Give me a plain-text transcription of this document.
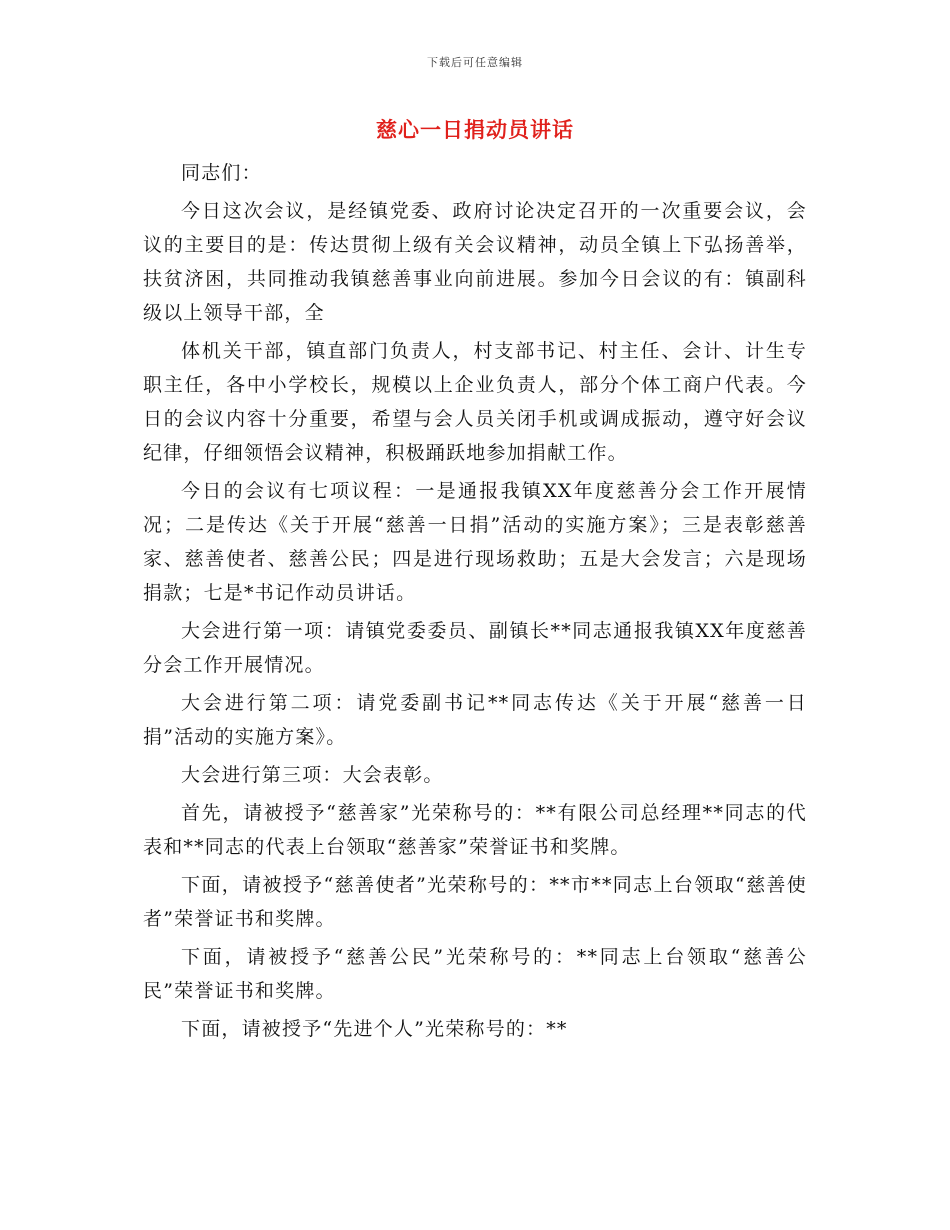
下载后可任意编辑
慈心一日捐动员讲话

同志们：

今日这次会议，是经镇党委、政府讨论决定召开的一次重要会议，会议的主要目的是：传达贯彻上级有关会议精神，动员全镇上下弘扬善举，扶贫济困，共同推动我镇慈善事业向前进展。参加今日会议的有：镇副科级以上领导干部，全

体机关干部，镇直部门负责人，村支部书记、村主任、会计、计生专职主任，各中小学校长，规模以上企业负责人，部分个体工商户代表。今日的会议内容十分重要，希望与会人员关闭手机或调成振动，遵守好会议纪律，仔细领悟会议精神，积极踊跃地参加捐献工作。

今日的会议有七项议程：一是通报我镇XX年度慈善分会工作开展情况；二是传达《关于开展“慈善一日捐”活动的实施方案》；三是表彰慈善家、慈善使者、慈善公民；四是进行现场救助；五是大会发言；六是现场捐款；七是*书记作动员讲话。

大会进行第一项：请镇党委委员、副镇长**同志通报我镇XX年度慈善分会工作开展情况。

大会进行第二项：请党委副书记**同志传达《关于开展“慈善一日捐”活动的实施方案》。

大会进行第三项：大会表彰。

首先，请被授予“慈善家”光荣称号的：**有限公司总经理**同志的代表和**同志的代表上台领取“慈善家”荣誉证书和奖牌。

下面，请被授予“慈善使者”光荣称号的：**市**同志上台领取“慈善使者”荣誉证书和奖牌。

下面，请被授予“慈善公民”光荣称号的：**同志上台领取“慈善公民”荣誉证书和奖牌。

下面，请被授予“先进个人”光荣称号的：**
